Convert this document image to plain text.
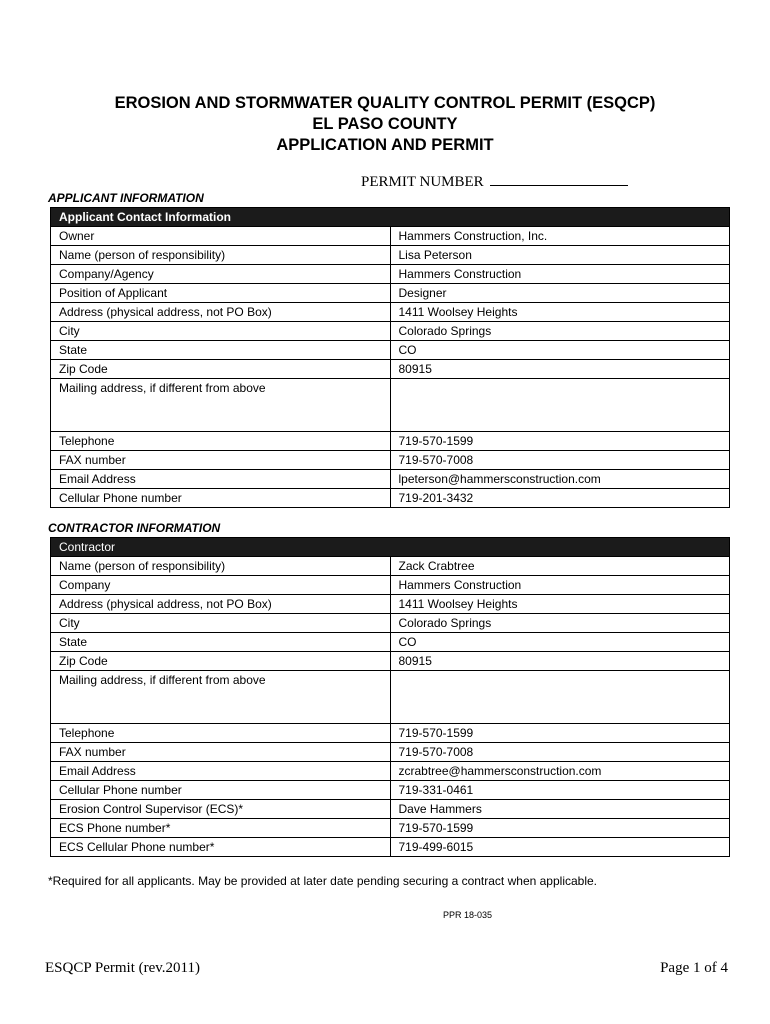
EROSION AND STORMWATER QUALITY CONTROL PERMIT (ESQCP)
EL PASO COUNTY
APPLICATION AND PERMIT
PERMIT NUMBER
APPLICANT INFORMATION
Applicant Contact Information	
Owner	Hammers Construction, Inc.
Name (person of responsibility)	Lisa Peterson
Company/Agency	Hammers Construction
Position of Applicant	Designer
Address (physical address, not PO Box)	1411 Woolsey Heights
City	Colorado Springs
State	CO
Zip Code	80915
Mailing address, if different from above	
Telephone	719-570-1599
FAX number	719-570-7008
Email Address	lpeterson@hammersconstruction.com
Cellular Phone number	719-201-3432
CONTRACTOR INFORMATION
Contractor	
Name (person of responsibility)	Zack Crabtree
Company	Hammers Construction
Address (physical address, not PO Box)	1411 Woolsey Heights
City	Colorado Springs
State	CO
Zip Code	80915
Mailing address, if different from above	
Telephone	719-570-1599
FAX number	719-570-7008
Email Address	zcrabtree@hammersconstruction.com
Cellular Phone number	719-331-0461
Erosion Control Supervisor (ECS)*	Dave Hammers
ECS Phone number*	719-570-1599
ECS Cellular Phone number*	719-499-6015
*Required for all applicants. May be provided at later date pending securing a contract when applicable.
PPR 18-035
ESQCP Permit (rev.2011)	Page 1 of 4
